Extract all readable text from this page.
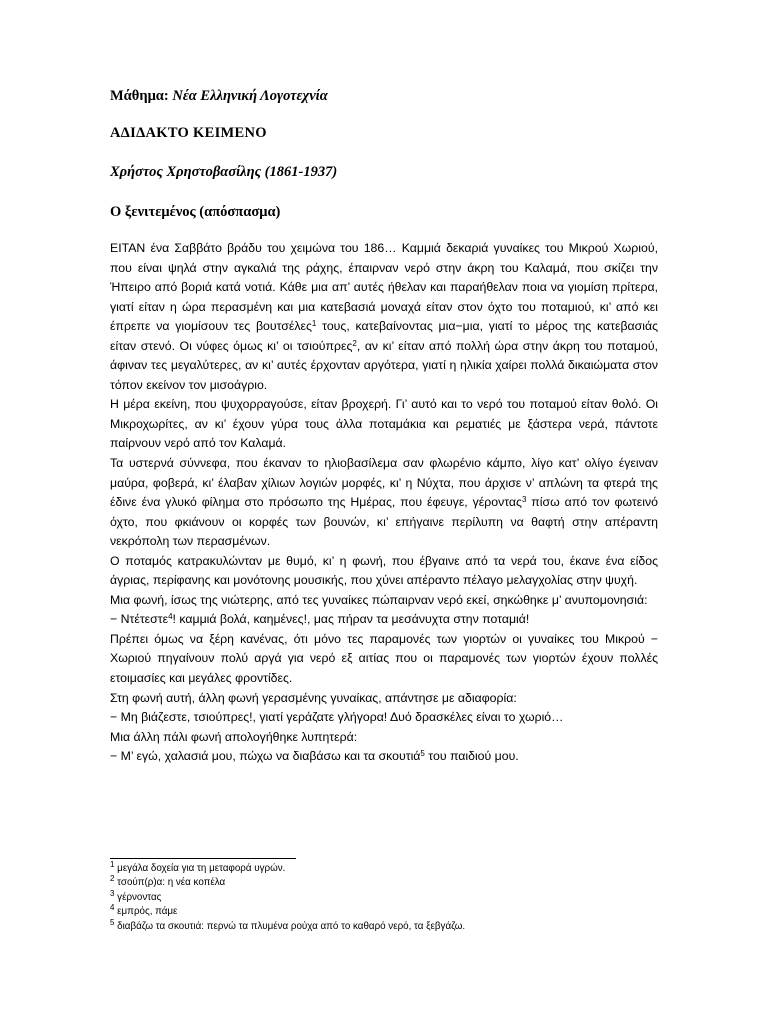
Μάθημα: Νέα Ελληνική Λογοτεχνία
ΑΔΙΔΑΚΤΟ ΚΕΙΜΕΝΟ
Χρήστος Χρηστοβασίλης (1861-1937)
Ο ξενιτεμένος (απόσπασμα)

ΕΙΤΑΝ ένα Σαββάτο βράδυ του χειμώνα του 186… Καμμιά δεκαριά γυναίκες του Μικρού Χωριού, που είναι ψηλά στην αγκαλιά της ράχης, έπαιρναν νερό στην άκρη του Καλαμά, που σκίζει την Ήπειρο από βοριά κατά νοτιά. Κάθε μια απ’ αυτές ήθελαν και παραήθελαν ποια να γιομίση πρίτερα, γιατί είταν η ώρα περασμένη και μια κατεβασιά μοναχά είταν στον όχτο του ποταμιού, κι’ από κει έπρεπε να γιομίσουν τες βουτσέλες$^1$ τους, κατεβαίνοντας μια−μια, γιατί το μέρος της κατεβασιάς είταν στενό. Οι νύφες όμως κι’ οι τσιούπρες$^2$, αν κι’ είταν από πολλή ώρα στην άκρη του ποταμού, άφιναν τες μεγαλύτερες, αν κι’ αυτές έρχονταν αργότερα, γιατί η ηλικία χαίρει πολλά δικαιώματα στον τόπον εκείνον τον μισοάγριο.

Η μέρα εκείνη, που ψυχορραγούσε, είταν βροχερή. Γι’ αυτό και το νερό του ποταμού είταν θολό. Οι Μικροχωρίτες, αν κι’ έχουν γύρα τους άλλα ποταμάκια και ρεματιές με ξάστερα νερά, πάντοτε παίρνουν νερό από τον Καλαμά.

Τα υστερνά σύννεφα, που έκαναν το ηλιοβασίλεμα σαν φλωρένιο κάμπο, λίγο κατ’ ολίγο έγειναν μαύρα, φοβερά, κι’ έλαβαν χίλιων λογιών μορφές, κι’ η Νύχτα, που άρχισε ν’ απλώνη τα φτερά της έδινε ένα γλυκό φίλημα στο πρόσωπο της Ημέρας, που έφευγε, γέροντας$^3$ πίσω από τον φωτεινό όχτο, που φκιάνουν οι κορφές των βουνών, κι’ επήγαινε περίλυπη να θαφτή στην απέραντη νεκρόπολη των περασμένων.

Ο ποταμός κατρακυλώνταν με θυμό, κι’ η φωνή, που έβγαινε από τα νερά του, έκανε ένα είδος άγριας, περίφανης και μονότονης μουσικής, που χύνει απέραντο πέλαγο μελαγχολίας στην ψυχή.

Μια φωνή, ίσως της νιώτερης, από τες γυναίκες πώπαιρναν νερό εκεί, σηκώθηκε μ’ ανυπομονησιά:

− Ντέτεστε$^4$! καμμιά βολά, καημένες!, μας πήραν τα μεσάνυχτα στην ποταμιά!

Πρέπει όμως να ξέρη κανένας, ότι μόνο τες παραμονές των γιορτών οι γυναίκες του Μικρού − Χωριού πηγαίνουν πολύ αργά για νερό εξ αιτίας που οι παραμονές των γιορτών έχουν πολλές ετοιμασίες και μεγάλες φροντίδες.

Στη φωνή αυτή, άλλη φωνή γερασμένης γυναίκας, απάντησε με αδιαφορία:

− Μη βιάζεστε, τσιούπρες!, γιατί γεράζατε γλήγορα! Δυό δρασκέλες είναι το χωριό…

Μια άλλη πάλι φωνή απολογήθηκε λυπητερά:

− Μ’ εγώ, χαλασιά μου, πώχω να διαβάσω και τα σκουτιά$^5$ του παιδιού μου.

$^1$ μεγάλα δοχεία για τη μεταφορά υγρών.
$^2$ τσούπ(ρ)α: η νέα κοπέλα
$^3$ γέρνοντας
$^4$ εμπρός, πάμε
$^5$ διαβάζω τα σκουτιά: περνώ τα πλυμένα ρούχα από το καθαρό νερό, τα ξεβγάζω.
